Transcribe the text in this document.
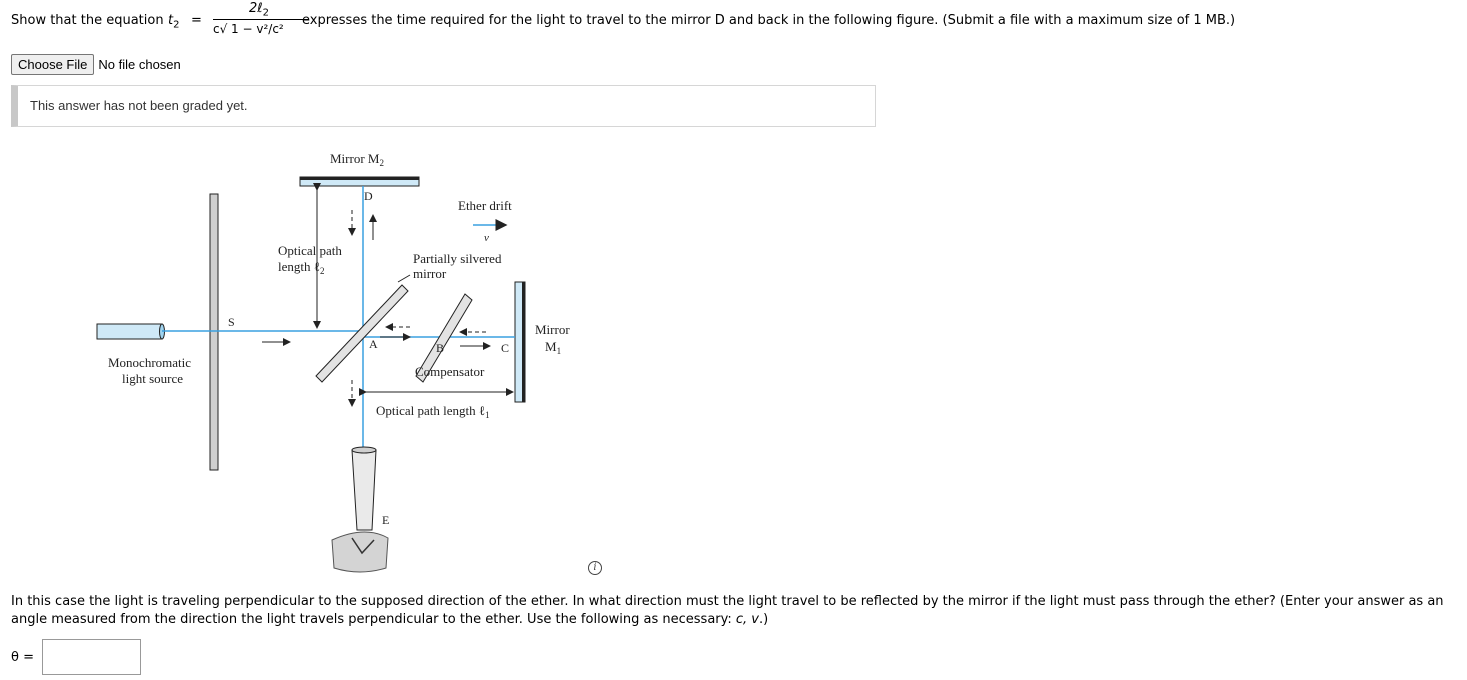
Show that the equation $t_2$ =
2ℓ$_2$
c√ 1 − v²/c²
expresses the time required for the light to travel to the mirror D and back in the following figure. (Submit a file with a maximum size of 1 MB.)
Choose File No file chosen
This answer has not been graded yet.
Mirror $M_2$
D
Ether drift
v⃗
Optical path
length ℓ$_2$
Partially silvered
mirror
S	Mirror
$M_1$
A	B	C
Compensator
Monochromatic
light source
Optical path length ℓ$_1$
E
i
In this case the light is traveling perpendicular to the supposed direction of the ether. In what direction must the light travel to be reflected by the mirror if the light must pass through the ether? (Enter your answer as an angle measured from the direction the light travels perpendicular to the ether. Use the following as necessary: c, v.)
θ =
